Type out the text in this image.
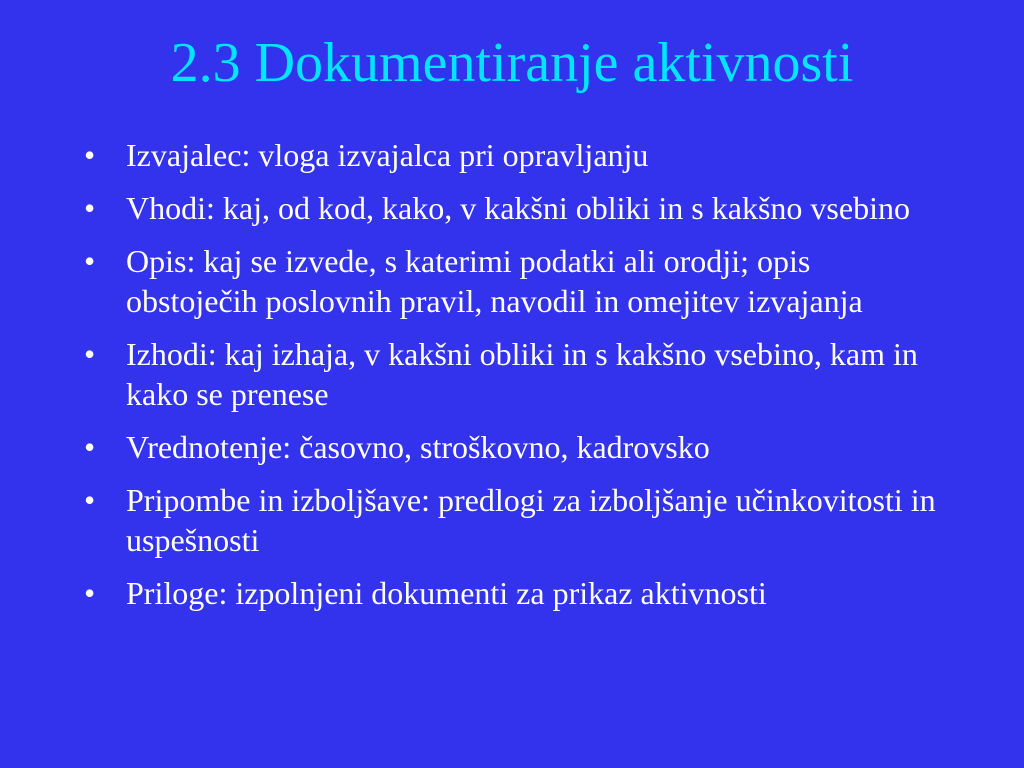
2.3 Dokumentiranje aktivnosti
• Izvajalec: vloga izvajalca pri opravljanju
• Vhodi: kaj, od kod, kako, v kakšni obliki in s kakšno vsebino
• Opis: kaj se izvede, s katerimi podatki ali orodji; opis obstoječih poslovnih pravil, navodil in omejitev izvajanja
• Izhodi: kaj izhaja, v kakšni obliki in s kakšno vsebino, kam in kako se prenese
• Vrednotenje: časovno, stroškovno, kadrovsko
• Pripombe in izboljšave: predlogi za izboljšanje učinkovitosti in uspešnosti
• Priloge: izpolnjeni dokumenti za prikaz aktivnosti
